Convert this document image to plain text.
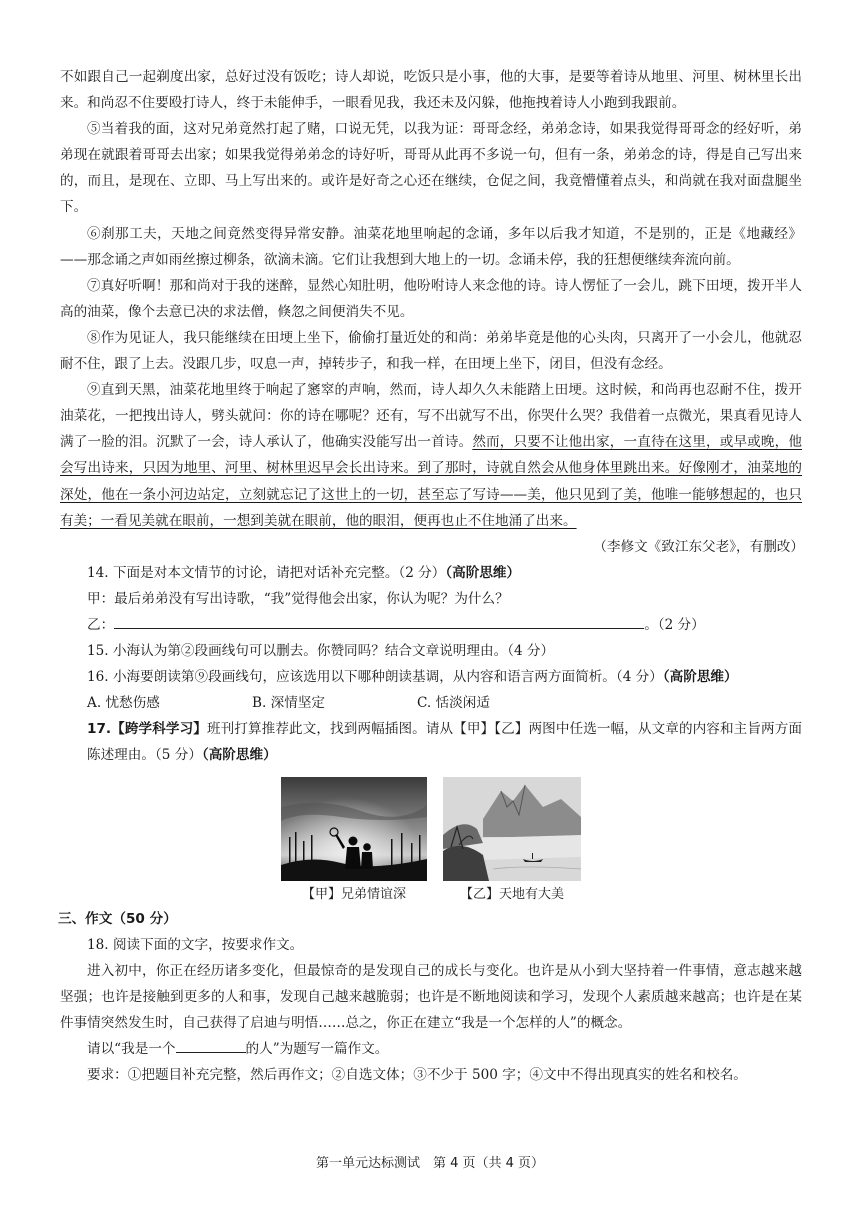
不如跟自己一起剃度出家，总好过没有饭吃；诗人却说，吃饭只是小事，他的大事，是要等着诗从地里、河里、树林里长出来。和尚忍不住要殴打诗人，终于未能伸手，一眼看见我，我还未及闪躲，他拖拽着诗人小跑到我跟前。

⑤当着我的面，这对兄弟竟然打起了赌，口说无凭，以我为证：哥哥念经，弟弟念诗，如果我觉得哥哥念的经好听，弟弟现在就跟着哥哥去出家；如果我觉得弟弟念的诗好听，哥哥从此再不多说一句，但有一条，弟弟念的诗，得是自己写出来的，而且，是现在、立即、马上写出来的。或许是好奇之心还在继续，仓促之间，我竟懵懂着点头，和尚就在我对面盘腿坐下。

⑥刹那工夫，天地之间竟然变得异常安静。油菜花地里响起的念诵，多年以后我才知道，不是别的，正是《地藏经》——那念诵之声如雨丝擦过柳条，欲滴未滴。它们让我想到大地上的一切。念诵未停，我的狂想便继续奔流向前。

⑦真好听啊！那和尚对于我的迷醉，显然心知肚明，他吩咐诗人来念他的诗。诗人愣怔了一会儿，跳下田埂，拨开半人高的油菜，像个去意已决的求法僧，倏忽之间便消失不见。

⑧作为见证人，我只能继续在田埂上坐下，偷偷打量近处的和尚：弟弟毕竟是他的心头肉，只离开了一小会儿，他就忍耐不住，跟了上去。没跟几步，叹息一声，掉转步子，和我一样，在田埂上坐下，闭目，但没有念经。

⑨直到天黑，油菜花地里终于响起了窸窣的声响，然而，诗人却久久未能踏上田埂。这时候，和尚再也忍耐不住，拨开油菜花，一把拽出诗人，劈头就问：你的诗在哪呢？还有，写不出就写不出，你哭什么哭？我借着一点微光，果真看见诗人满了一脸的泪。沉默了一会，诗人承认了，他确实没能写出一首诗。然而，只要不让他出家，一直待在这里，或早或晚，他会写出诗来，只因为地里、河里、树林里迟早会长出诗来。到了那时，诗就自然会从他身体里跳出来。好像刚才，油菜地的深处，他在一条小河边站定，立刻就忘记了这世上的一切，甚至忘了写诗——美，他只见到了美，他唯一能够想起的，也只有美；一看见美就在眼前，一想到美就在眼前，他的眼泪，便再也止不住地涌了出来。

（李修文《致江东父老》，有删改）

14. 下面是对本文情节的讨论，请把对话补充完整。（2 分）（高阶思维）

甲：最后弟弟没有写出诗歌，“我”觉得他会出家，你认为呢？为什么？

乙：	。（2 分）

15. 小海认为第②段画线句可以删去。你赞同吗？结合文章说明理由。（4 分）

16. 小海要朗读第⑨段画线句，应该选用以下哪种朗读基调，从内容和语言两方面简析。（4 分）（高阶思维）

A. 忧愁伤感	B. 深情坚定	C. 恬淡闲适

17.【跨学科学习】班刊打算推荐此文，找到两幅插图。请从【甲】【乙】两图中任选一幅，从文章的内容和主旨两方面陈述理由。（5 分）（高阶思维）

【甲】兄弟情谊深	【乙】天地有大美

三、作文（50 分）

18. 阅读下面的文字，按要求作文。

进入初中，你正在经历诸多变化，但最惊奇的是发现自己的成长与变化。也许是从小到大坚持着一件事情，意志越来越坚强；也许是接触到更多的人和事，发现自己越来越脆弱；也许是不断地阅读和学习，发现个人素质越来越高；也许是在某件事情突然发生时，自己获得了启迪与明悟……总之，你正在建立“我是一个怎样的人”的概念。

请以“我是一个	的人”为题写一篇作文。

要求：①把题目补充完整，然后再作文；②自选文体；③不少于 500 字；④文中不得出现真实的姓名和校名。

第一单元达标测试　第 4 页（共 4 页）
